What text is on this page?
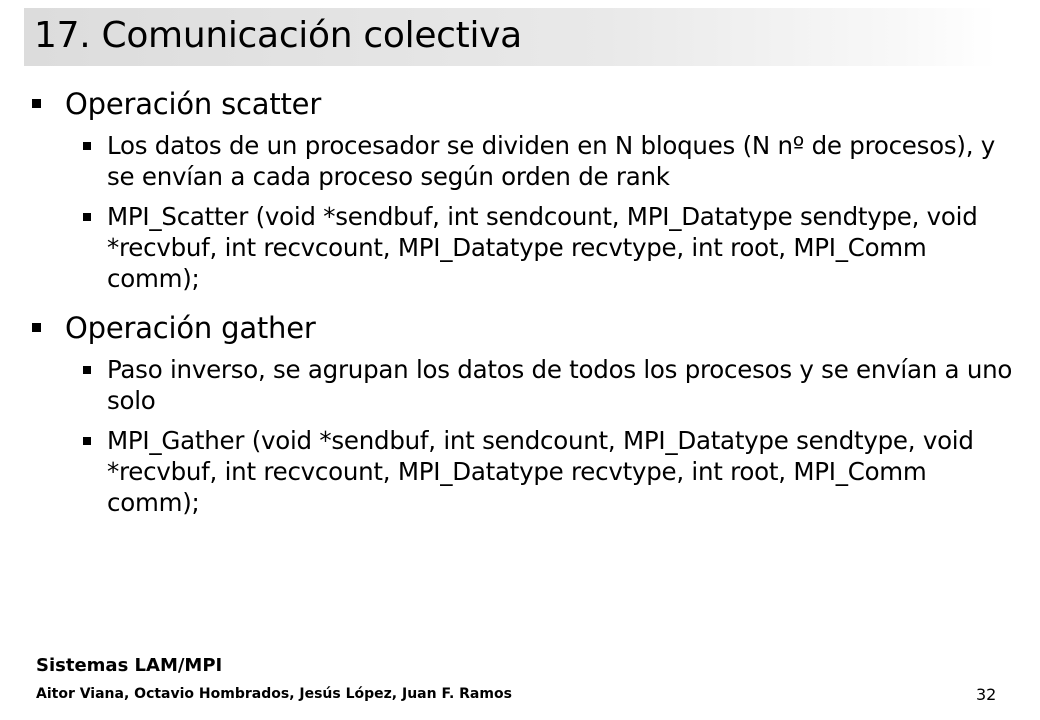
17. Comunicación colectiva
Operación scatter
Los datos de un procesador se dividen en N bloques (N nº de procesos), y se envían a cada proceso según orden de rank
MPI_Scatter (void *sendbuf, int sendcount, MPI_Datatype sendtype, void *recvbuf, int recvcount, MPI_Datatype recvtype, int root, MPI_Comm comm);
Operación gather
Paso inverso, se agrupan los datos de todos los procesos y se envían a uno solo
MPI_Gather (void *sendbuf, int sendcount, MPI_Datatype sendtype, void *recvbuf, int recvcount, MPI_Datatype recvtype, int root, MPI_Comm comm);
Sistemas LAM/MPI
Aitor Viana, Octavio Hombrados, Jesús López, Juan F. Ramos	32
